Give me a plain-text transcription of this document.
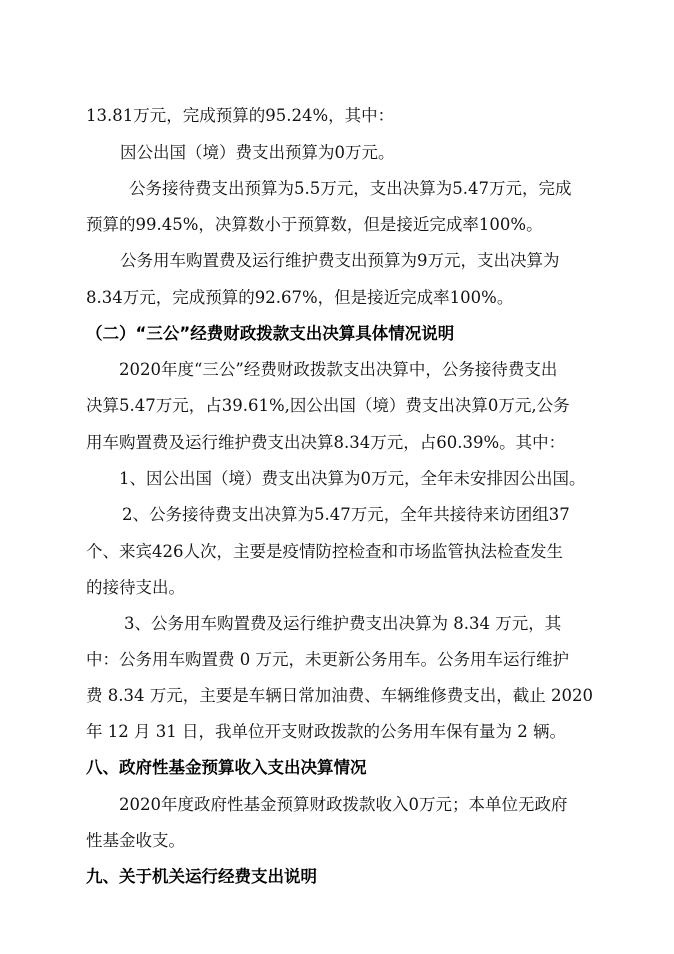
13.81万元，完成预算的95.24%，其中：
因公出国（境）费支出预算为0万元。
公务接待费支出预算为5.5万元，支出决算为5.47万元，完成
预算的99.45%，决算数小于预算数，但是接近完成率100%。
公务用车购置费及运行维护费支出预算为9万元，支出决算为
8.34万元，完成预算的92.67%，但是接近完成率100%。
（二）“三公”经费财政拨款支出决算具体情况说明
2020年度“三公”经费财政拨款支出决算中，公务接待费支出
决算5.47万元，占39.61%,因公出国（境）费支出决算0万元,公务
用车购置费及运行维护费支出决算8.34万元，占60.39%。其中：
1、因公出国（境）费支出决算为0万元，全年未安排因公出国。
2、公务接待费支出决算为5.47万元，全年共接待来访团组37
个、来宾426人次，主要是疫情防控检查和市场监管执法检查发生
的接待支出。
3、公务用车购置费及运行维护费支出决算为 8.34 万元，其
中：公务用车购置费 0 万元，未更新公务用车。公务用车运行维护
费 8.34 万元，主要是车辆日常加油费、车辆维修费支出，截止 2020
年 12 月 31 日，我单位开支财政拨款的公务用车保有量为 2 辆。
八、政府性基金预算收入支出决算情况
2020年度政府性基金预算财政拨款收入0万元；本单位无政府
性基金收支。
九、关于机关运行经费支出说明
